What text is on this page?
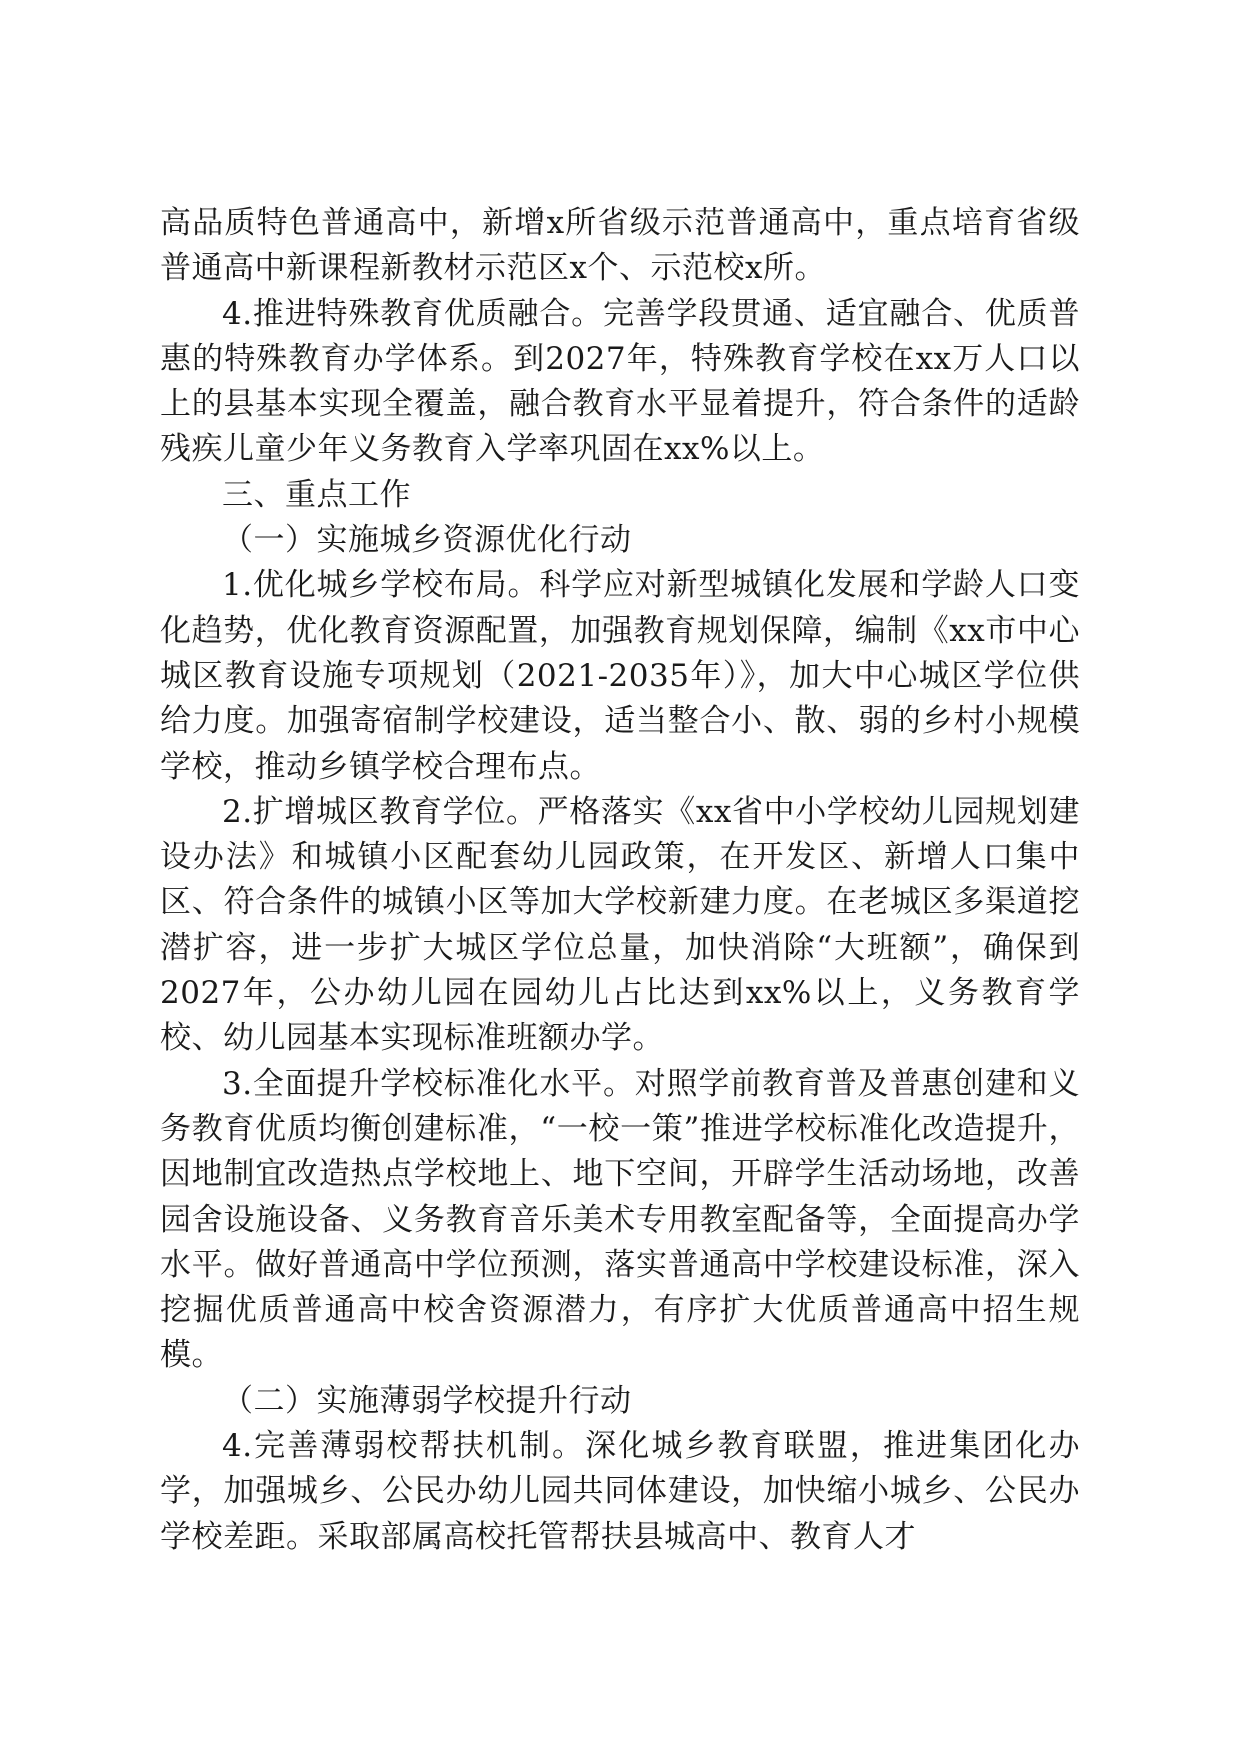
高品质特色普通高中，新增x所省级示范普通高中，重点培育省级普通高中新课程新教材示范区x个、示范校x所。

4.推进特殊教育优质融合。完善学段贯通、适宜融合、优质普惠的特殊教育办学体系。到2027年，特殊教育学校在xx万人口以上的县基本实现全覆盖，融合教育水平显着提升，符合条件的适龄残疾儿童少年义务教育入学率巩固在xx%以上。

三、重点工作
（一）实施城乡资源优化行动

1.优化城乡学校布局。科学应对新型城镇化发展和学龄人口变化趋势，优化教育资源配置，加强教育规划保障，编制《xx市中心城区教育设施专项规划（2021-2035年）》，加大中心城区学位供给力度。加强寄宿制学校建设，适当整合小、散、弱的乡村小规模学校，推动乡镇学校合理布点。

2.扩增城区教育学位。严格落实《xx省中小学校幼儿园规划建设办法》和城镇小区配套幼儿园政策，在开发区、新增人口集中区、符合条件的城镇小区等加大学校新建力度。在老城区多渠道挖潜扩容，进一步扩大城区学位总量，加快消除“大班额”，确保到2027年，公办幼儿园在园幼儿占比达到xx%以上，义务教育学校、幼儿园基本实现标准班额办学。

3.全面提升学校标准化水平。对照学前教育普及普惠创建和义务教育优质均衡创建标准，“一校一策”推进学校标准化改造提升，因地制宜改造热点学校地上、地下空间，开辟学生活动场地，改善园舍设施设备、义务教育音乐美术专用教室配备等，全面提高办学水平。做好普通高中学位预测，落实普通高中学校建设标准，深入挖掘优质普通高中校舍资源潜力，有序扩大优质普通高中招生规模。

（二）实施薄弱学校提升行动

4.完善薄弱校帮扶机制。深化城乡教育联盟，推进集团化办学，加强城乡、公民办幼儿园共同体建设，加快缩小城乡、公民办学校差距。采取部属高校托管帮扶县城高中、教育人才
